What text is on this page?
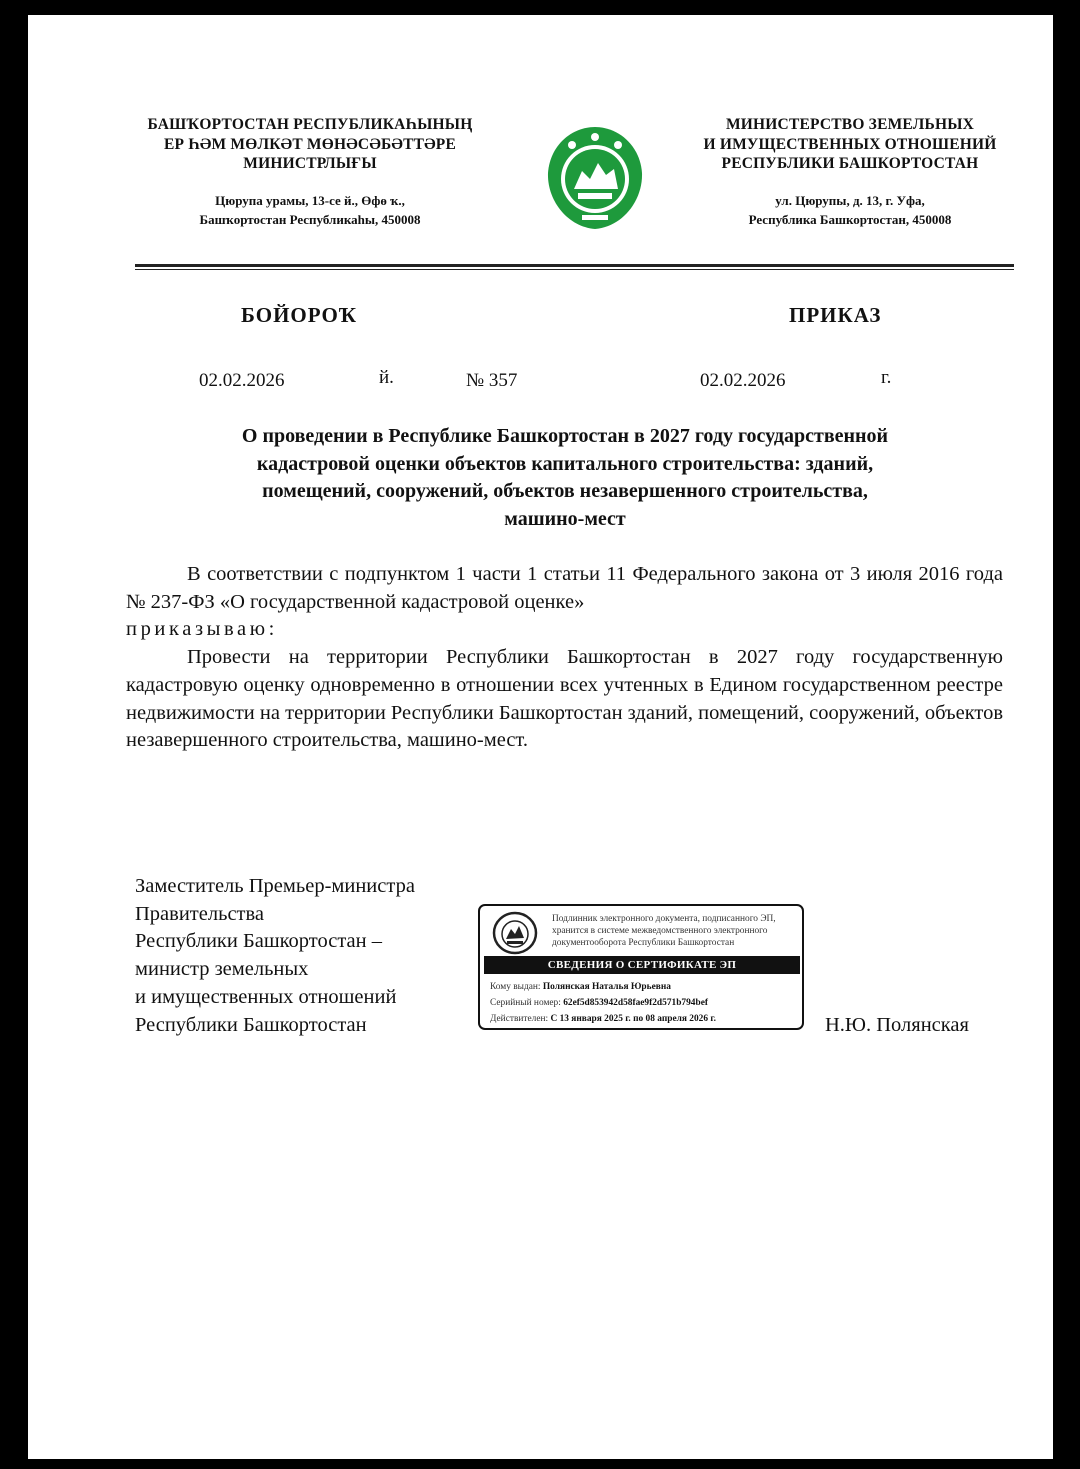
БАШҠОРТОСТАН РЕСПУБЛИКАҺЫНЫҢ
ЕР ҺӘМ МӨЛКӘТ МӨНӘСӘБӘТТӘРЕ
МИНИСТРЛЫҒЫ
Цюрупа урамы, 13-се й., Өфө ҡ.,
Башҡортостан Республикаһы, 450008
МИНИСТЕРСТВО ЗЕМЕЛЬНЫХ
И ИМУЩЕСТВЕННЫХ ОТНОШЕНИЙ
РЕСПУБЛИКИ БАШКОРТОСТАН
ул. Цюрупы, д. 13, г. Уфа,
Республика Башкортостан, 450008
БОЙОРОҠ	ПРИКАЗ
02.02.2026	й.	№ 357	02.02.2026	г.
О проведении в Республике Башкортостан в 2027 году государственной
кадастровой оценки объектов капитального строительства: зданий,
помещений, сооружений, объектов незавершенного строительства,
машино-мест

В соответствии с подпунктом 1 части 1 статьи 11 Федерального закона от 3 июля 2016 года № 237-ФЗ «О государственной кадастровой оценке»

приказываю:

Провести на территории Республики Башкортостан в 2027 году государственную кадастровую оценку одновременно в отношении всех учтенных в Едином государственном реестре недвижимости на территории Республики Башкортостан зданий, помещений, сооружений, объектов незавершенного строительства, машино-мест.

Заместитель Премьер-министра
Правительства
Республики Башкортостан –
министр земельных
и имущественных отношений
Республики Башкортостан	Н.Ю. Полянская
Подлинник электронного документа, подписанного ЭП,
хранится в системе межведомственного электронного
документооборота Республики Башкортостан
СВЕДЕНИЯ О СЕРТИФИКАТЕ ЭП
Кому выдан: Полянская Наталья Юрьевна
Серийный номер: 62ef5d853942d58fae9f2d571b794bef
Действителен: С 13 января 2025 г. по 08 апреля 2026 г.
